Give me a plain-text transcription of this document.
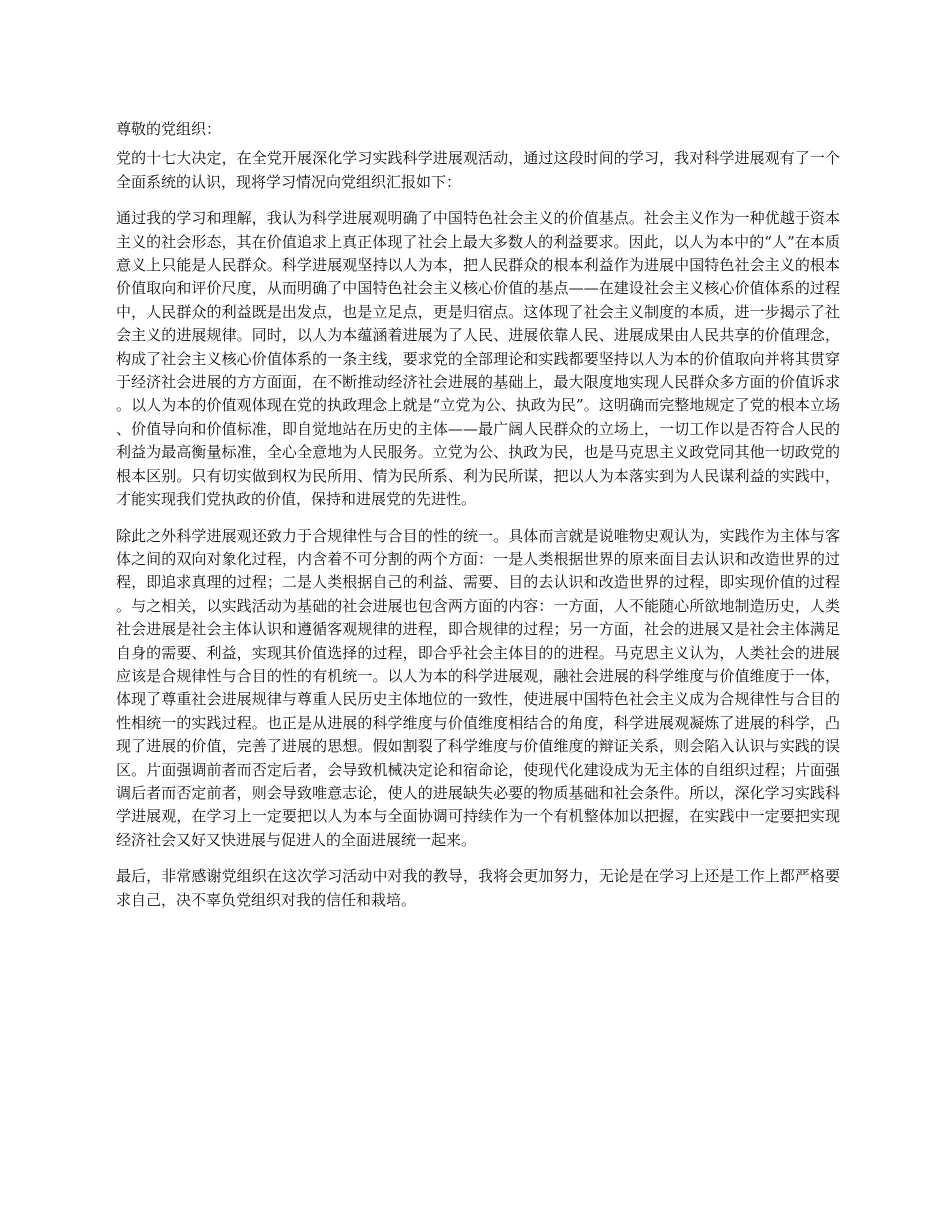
尊敬的党组织：

党的十七大决定，在全党开展深化学习实践科学进展观活动，通过这段时间的学习，我对科学进展观有了一个全面系统的认识，现将学习情况向党组织汇报如下：

通过我的学习和理解，我认为科学进展观明确了中国特色社会主义的价值基点。社会主义作为一种优越于资本主义的社会形态，其在价值追求上真正体现了社会上最大多数人的利益要求。因此，以人为本中的“人”在本质意义上只能是人民群众。科学进展观坚持以人为本，把人民群众的根本利益作为进展中国特色社会主义的根本价值取向和评价尺度，从而明确了中国特色社会主义核心价值的基点——在建设社会主义核心价值体系的过程中，人民群众的利益既是出发点，也是立足点，更是归宿点。这体现了社会主义制度的本质，进一步揭示了社会主义的进展规律。同时，以人为本蕴涵着进展为了人民、进展依靠人民、进展成果由人民共享的价值理念，构成了社会主义核心价值体系的一条主线，要求党的全部理论和实践都要坚持以人为本的价值取向并将其贯穿于经济社会进展的方方面面，在不断推动经济社会进展的基础上，最大限度地实现人民群众多方面的价值诉求。以人为本的价值观体现在党的执政理念上就是“立党为公、执政为民”。这明确而完整地规定了党的根本立场、价值导向和价值标准，即自觉地站在历史的主体——最广阔人民群众的立场上，一切工作以是否符合人民的利益为最高衡量标准，全心全意地为人民服务。立党为公、执政为民，也是马克思主义政党同其他一切政党的根本区别。只有切实做到权为民所用、情为民所系、利为民所谋，把以人为本落实到为人民谋利益的实践中，才能实现我们党执政的价值，保持和进展党的先进性。

除此之外科学进展观还致力于合规律性与合目的性的统一。具体而言就是说唯物史观认为，实践作为主体与客体之间的双向对象化过程，内含着不可分割的两个方面：一是人类根据世界的原来面目去认识和改造世界的过程，即追求真理的过程；二是人类根据自己的利益、需要、目的去认识和改造世界的过程，即实现价值的过程。与之相关，以实践活动为基础的社会进展也包含两方面的内容：一方面，人不能随心所欲地制造历史，人类社会进展是社会主体认识和遵循客观规律的进程，即合规律的过程；另一方面，社会的进展又是社会主体满足自身的需要、利益，实现其价值选择的过程，即合乎社会主体目的的进程。马克思主义认为，人类社会的进展应该是合规律性与合目的性的有机统一。以人为本的科学进展观，融社会进展的科学维度与价值维度于一体，体现了尊重社会进展规律与尊重人民历史主体地位的一致性，使进展中国特色社会主义成为合规律性与合目的性相统一的实践过程。也正是从进展的科学维度与价值维度相结合的角度，科学进展观凝炼了进展的科学，凸现了进展的价值，完善了进展的思想。假如割裂了科学维度与价值维度的辩证关系，则会陷入认识与实践的误区。片面强调前者而否定后者，会导致机械决定论和宿命论，使现代化建设成为无主体的自组织过程；片面强调后者而否定前者，则会导致唯意志论，使人的进展缺失必要的物质基础和社会条件。所以，深化学习实践科学进展观，在学习上一定要把以人为本与全面协调可持续作为一个有机整体加以把握，在实践中一定要把实现经济社会又好又快进展与促进人的全面进展统一起来。

最后，非常感谢党组织在这次学习活动中对我的教导，我将会更加努力，无论是在学习上还是工作上都严格要求自己，决不辜负党组织对我的信任和栽培。
